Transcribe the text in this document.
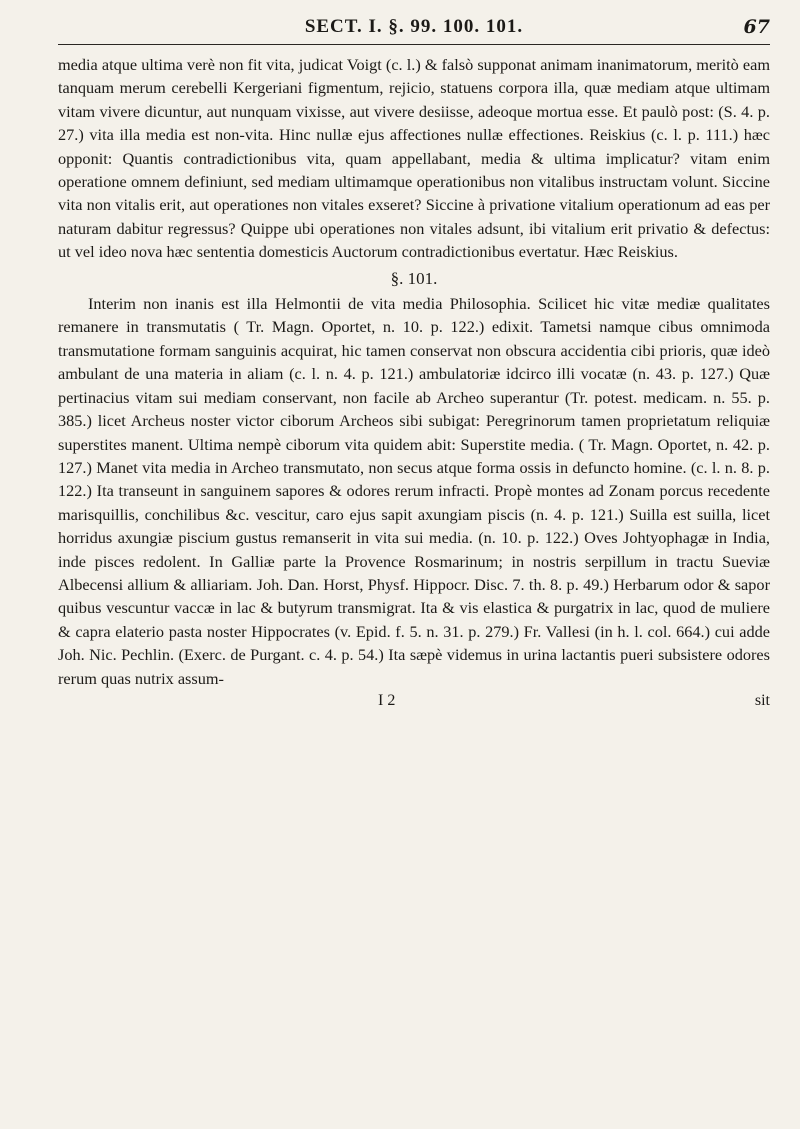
SECT. I. §. 99. 100. 101.	67

media atque ultima verè non fit vita, judicat Voigt (c. l.) & falsò supponat animam inanimatorum, meritò eam tanquam merum cerebelli Kergeriani figmentum, rejicio, statuens corpora illa, quæ mediam atque ultimam vitam vivere dicuntur, aut nunquam vixisse, aut vivere desiisse, adeoque mortua esse. Et paulò post: (S. 4. p. 27.) vita illa media est non-vita. Hinc nullæ ejus affectiones nullæ effectiones. Reiskius (c. l. p. 111.) hæc opponit: Quantis contradictionibus vita, quam appellabant, media & ultima implicatur? vitam enim operatione omnem definiunt, sed mediam ultimamque operationibus non vitalibus instructam volunt. Siccine vita non vitalis erit, aut operationes non vitales exseret? Siccine à privatione vitalium operationum ad eas per naturam dabitur regressus? Quippe ubi operationes non vitales adsunt, ibi vitalium erit privatio & defectus: ut vel ideo nova hæc sententia domesticis Auctorum contradictionibus evertatur. Hæc Reiskius.

§. 101.

Interim non inanis est illa Helmontii de vita media Philosophia. Scilicet hic vitæ mediæ qualitates remanere in transmutatis ( Tr. Magn. Oportet, n. 10. p. 122.) edixit. Tametsi namque cibus omnimoda transmutatione formam sanguinis acquirat, hic tamen conservat non obscura accidentia cibi prioris, quæ ideò ambulant de una materia in aliam (c. l. n. 4. p. 121.) ambulatoriæ idcirco illi vocatæ (n. 43. p. 127.) Quæ pertinacius vitam sui mediam conservant, non facile ab Archeo superantur (Tr. potest. medicam. n. 55. p. 385.) licet Archeus noster victor ciborum Archeos sibi subigat: Peregrinorum tamen proprietatum reliquiæ superstites manent. Ultima nempè ciborum vita quidem abit: Superstite media. ( Tr. Magn. Oportet, n. 42. p. 127.) Manet vita media in Archeo transmutato, non secus atque forma ossis in defuncto homine. (c. l. n. 8. p. 122.) Ita transeunt in sanguinem sapores & odores rerum infracti. Propè montes ad Zonam porcus recedente marisquillis, conchilibus &c. vescitur, caro ejus sapit axungiam piscis (n. 4. p. 121.) Suilla est suilla, licet horridus axungiæ piscium gustus remanserit in vita sui media. (n. 10. p. 122.) Oves Johtyophagæ in India, inde pisces redolent. In Galliæ parte la Provence Rosmarinum; in nostris serpillum in tractu Sueviæ Albecensi allium & alliariam. Joh. Dan. Horst, Physf. Hippocr. Disc. 7. th. 8. p. 49.) Herbarum odor & sapor quibus vescuntur vaccæ in lac & butyrum transmigrat. Ita & vis elastica & purgatrix in lac, quod de muliere & capra elaterio pasta noster Hippocrates (v. Epid. f. 5. n. 31. p. 279.) Fr. Vallesi (in h. l. col. 664.) cui adde Joh. Nic. Pechlin. (Exerc. de Purgant. c. 4. p. 54.) Ita sæpè videmus in urina lactantis pueri subsistere odores rerum quas nutrix assum-

I 2	sit
